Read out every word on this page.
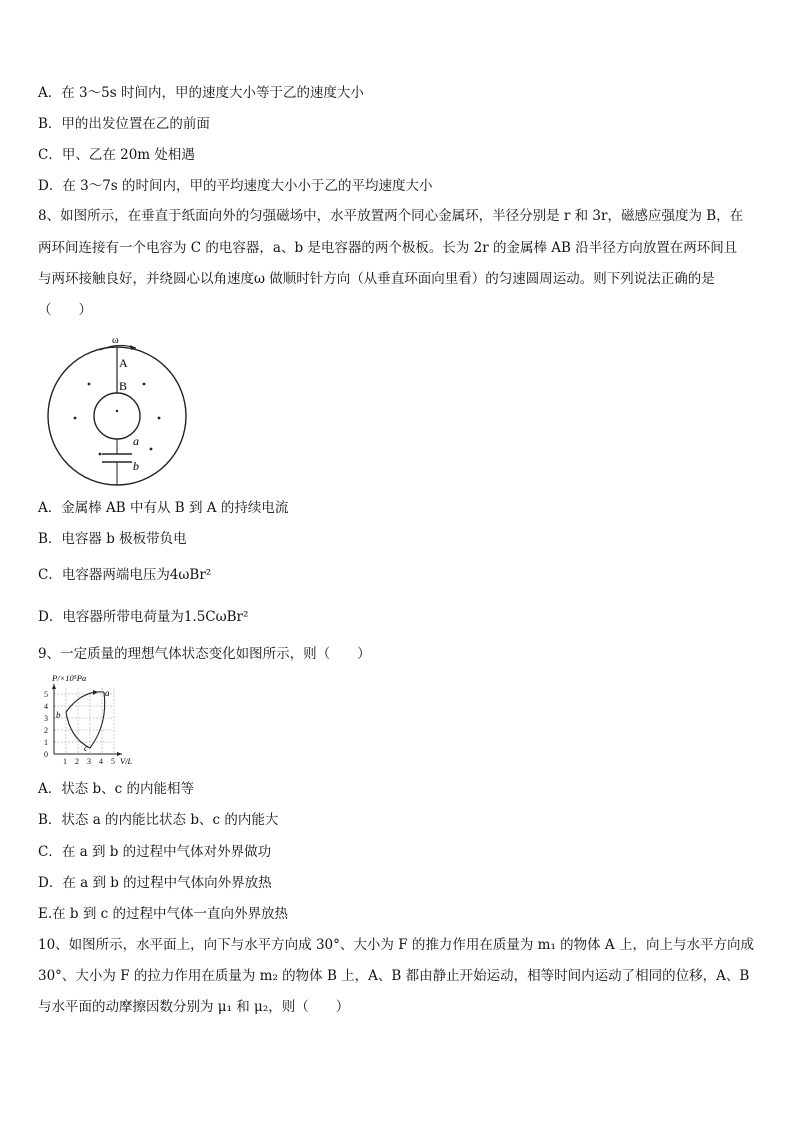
A．在 3～5s 时间内，甲的速度大小等于乙的速度大小
B．甲的出发位置在乙的前面
C．甲、乙在 20m 处相遇
D．在 3～7s 的时间内，甲的平均速度大小小于乙的平均速度大小
8、如图所示，在垂直于纸面向外的匀强磁场中，水平放置两个同心金属环，半径分别是 r 和 3r，磁感应强度为 B，在
两环间连接有一个电容为 C 的电容器，a、b 是电容器的两个极板。长为 2r 的金属棒 AB 沿半径方向放置在两环间且
与两环接触良好，并绕圆心以角速度ω 做顺时针方向（从垂直环面向里看）的匀速圆周运动。则下列说法正确的是
（　　）
ω
A
B
a
b
A．金属棒 AB 中有从 B 到 A 的持续电流
B．电容器 b 极板带负电
C．电容器两端电压为4ωBr²
D．电容器所带电荷量为1.5CωBr²
9、一定质量的理想气体状态变化如图所示，则（　　）
P/×10⁵Pa
0
1
2
3
4
5
1 2 3 4 5 V/L
a
b
c
A．状态 b、c 的内能相等
B．状态 a 的内能比状态 b、c 的内能大
C．在 a 到 b 的过程中气体对外界做功
D．在 a 到 b 的过程中气体向外界放热
E.在 b 到 c 的过程中气体一直向外界放热
10、如图所示，水平面上，向下与水平方向成 30°、大小为 F 的推力作用在质量为 m₁ 的物体 A 上，向上与水平方向成
30°、大小为 F 的拉力作用在质量为 m₂ 的物体 B 上，A、B 都由静止开始运动，相等时间内运动了相同的位移，A、B
与水平面的动摩擦因数分别为 μ₁ 和 μ₂，则（　　）
